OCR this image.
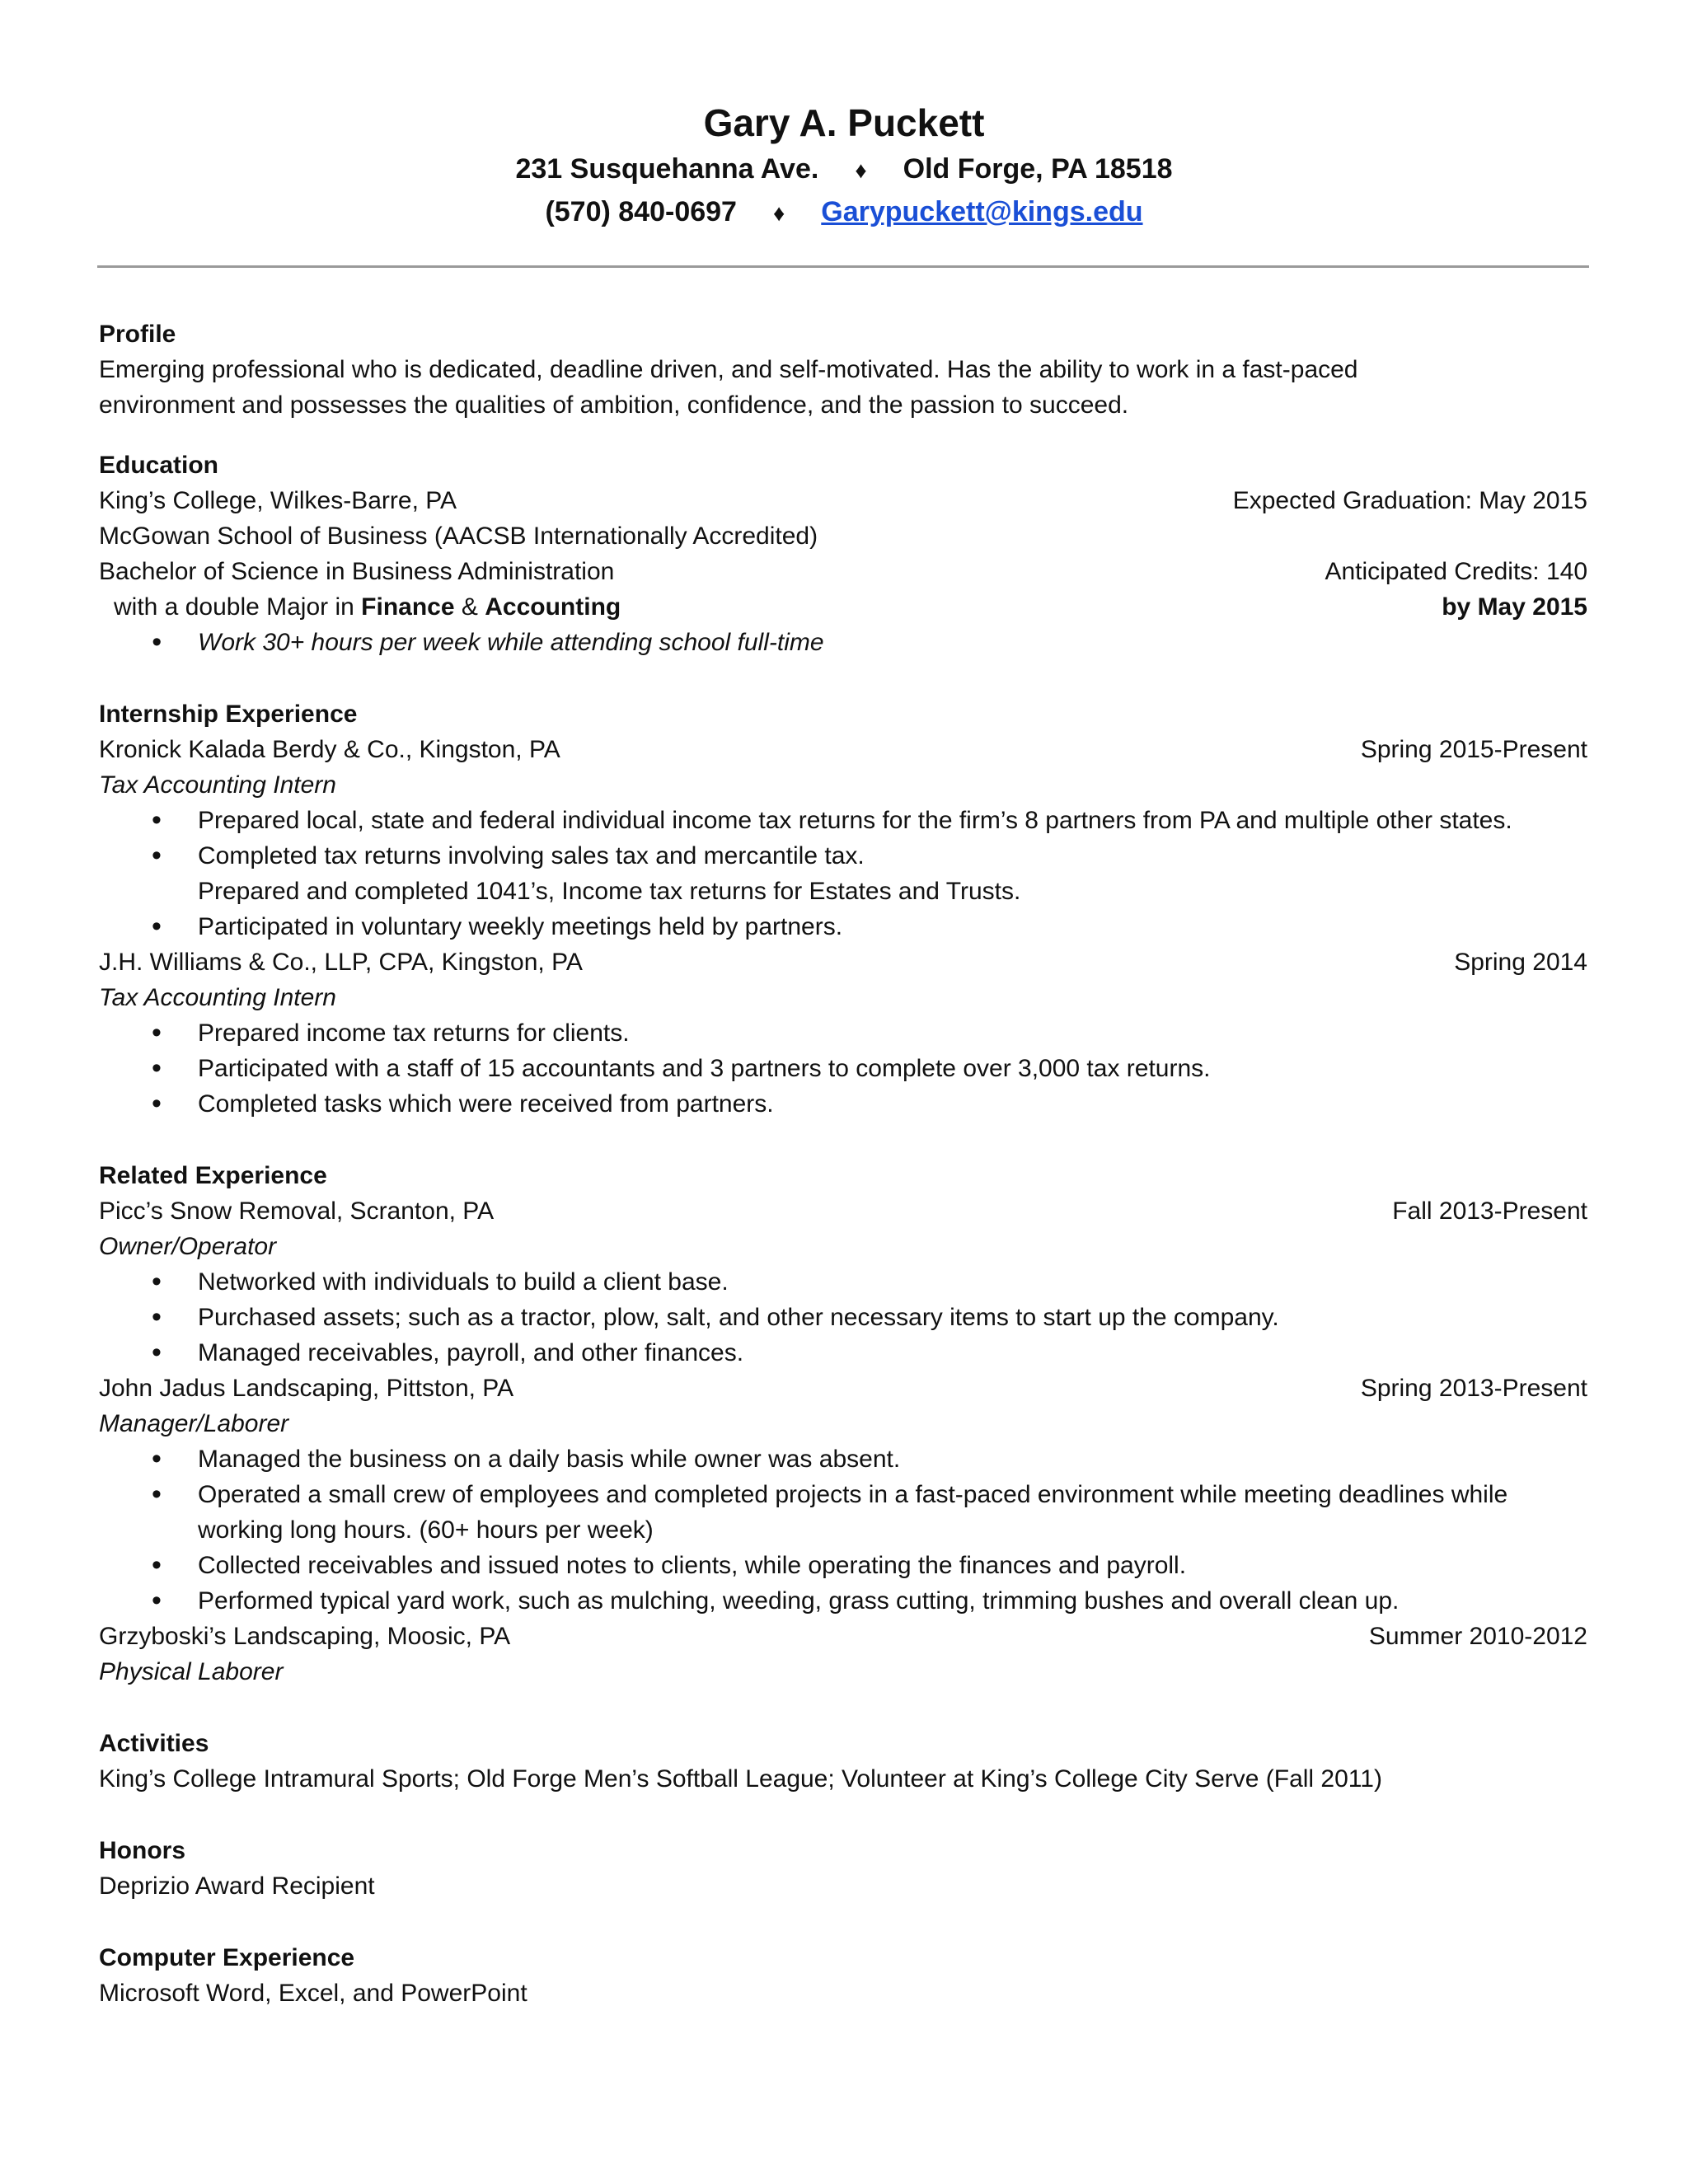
Gary A. Puckett
231 Susquehanna Ave. ♦ Old Forge, PA 18518
(570) 840-0697 ♦ Garypuckett@kings.edu
Profile
Emerging professional who is dedicated, deadline driven, and self-motivated. Has the ability to work in a fast-paced
environment and possesses the qualities of ambition, confidence, and the passion to succeed.
Education
King’s College, Wilkes-Barre, PA	Expected Graduation: May 2015
McGowan School of Business (AACSB Internationally Accredited)
Bachelor of Science in Business Administration	Anticipated Credits: 140
with a double Major in Finance & Accounting	by May 2015
• Work 30+ hours per week while attending school full-time
Internship Experience
Kronick Kalada Berdy & Co., Kingston, PA	Spring 2015-Present
Tax Accounting Intern
• Prepared local, state and federal individual income tax returns for the firm’s 8 partners from PA and multiple other states.
• Completed tax returns involving sales tax and mercantile tax.
Prepared and completed 1041’s, Income tax returns for Estates and Trusts.
• Participated in voluntary weekly meetings held by partners.
J.H. Williams & Co., LLP, CPA, Kingston, PA	Spring 2014
Tax Accounting Intern
• Prepared income tax returns for clients.
• Participated with a staff of 15 accountants and 3 partners to complete over 3,000 tax returns.
• Completed tasks which were received from partners.
Related Experience
Picc’s Snow Removal, Scranton, PA	Fall 2013-Present
Owner/Operator
• Networked with individuals to build a client base.
• Purchased assets; such as a tractor, plow, salt, and other necessary items to start up the company.
• Managed receivables, payroll, and other finances.
John Jadus Landscaping, Pittston, PA	Spring 2013-Present
Manager/Laborer
• Managed the business on a daily basis while owner was absent.
• Operated a small crew of employees and completed projects in a fast-paced environment while meeting deadlines while working long hours. (60+ hours per week)
• Collected receivables and issued notes to clients, while operating the finances and payroll.
• Performed typical yard work, such as mulching, weeding, grass cutting, trimming bushes and overall clean up.
Grzyboski’s Landscaping, Moosic, PA	Summer 2010-2012
Physical Laborer
Activities
King’s College Intramural Sports; Old Forge Men’s Softball League; Volunteer at King’s College City Serve (Fall 2011)
Honors
Deprizio Award Recipient
Computer Experience
Microsoft Word, Excel, and PowerPoint
